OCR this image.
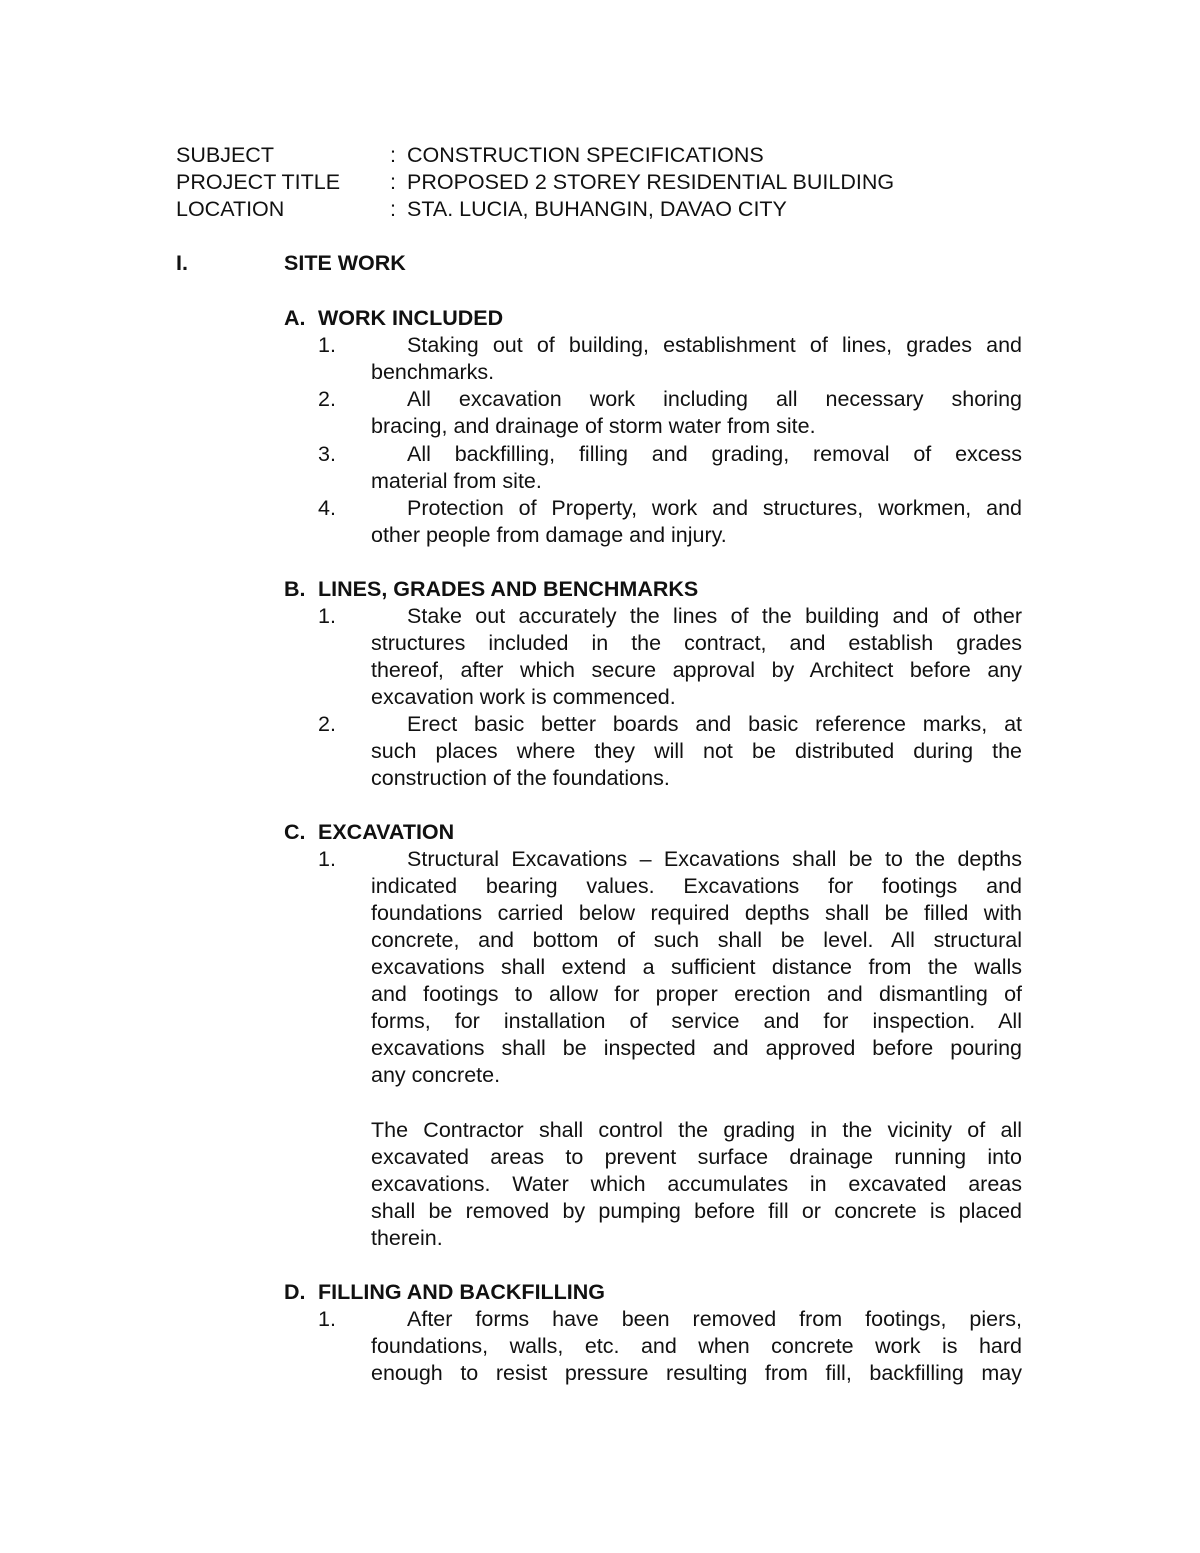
SUBJECT	: CONSTRUCTION SPECIFICATIONS
PROJECT TITLE : PROPOSED 2 STOREY RESIDENTIAL BUILDING
LOCATION	: STA. LUCIA, BUHANGIN, DAVAO CITY
I.	SITE WORK
A. WORK INCLUDED
1.	Staking out of building, establishment of lines, grades and
benchmarks.
2.	All excavation work including all necessary shoring
bracing, and drainage of storm water from site.
3.	All backfilling, filling and grading, removal of excess
material from site.
4.	Protection of Property, work and structures, workmen, and
other people from damage and injury.
B. LINES, GRADES AND BENCHMARKS
1.	Stake out accurately the lines of the building and of other
structures included in the contract, and establish grades
thereof, after which secure approval by Architect before any
excavation work is commenced.
2.	Erect basic better boards and basic reference marks, at
such places where they will not be distributed during the
construction of the foundations.
C. EXCAVATION
1.	Structural Excavations – Excavations shall be to the depths
indicated bearing values. Excavations for footings and
foundations carried below required depths shall be filled with
concrete, and bottom of such shall be level. All structural
excavations shall extend a sufficient distance from the walls
and footings to allow for proper erection and dismantling of
forms, for installation of service and for inspection. All
excavations shall be inspected and approved before pouring
any concrete.
The Contractor shall control the grading in the vicinity of all
excavated areas to prevent surface drainage running into
excavations. Water which accumulates in excavated areas
shall be removed by pumping before fill or concrete is placed
therein.
D. FILLING AND BACKFILLING
1.	After forms have been removed from footings, piers,
foundations, walls, etc. and when concrete work is hard
enough to resist pressure resulting from fill, backfilling may
